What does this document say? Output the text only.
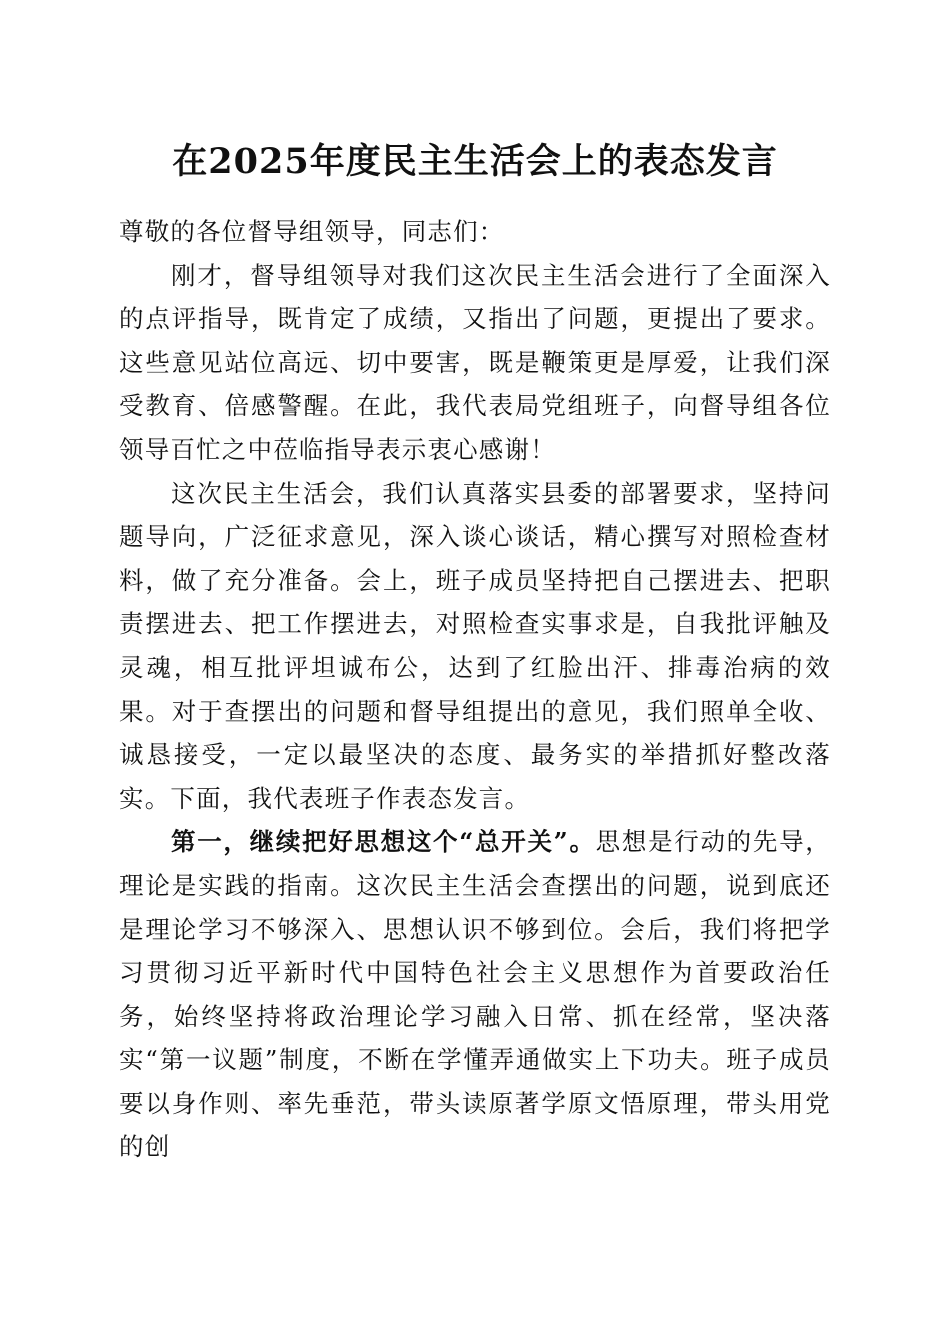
在2025年度民主生活会上的表态发言

尊敬的各位督导组领导，同志们：

刚才，督导组领导对我们这次民主生活会进行了全面深入的点评指导，既肯定了成绩，又指出了问题，更提出了要求。这些意见站位高远、切中要害，既是鞭策更是厚爱，让我们深受教育、倍感警醒。在此，我代表局党组班子，向督导组各位领导百忙之中莅临指导表示衷心感谢！

这次民主生活会，我们认真落实县委的部署要求，坚持问题导向，广泛征求意见，深入谈心谈话，精心撰写对照检查材料，做了充分准备。会上，班子成员坚持把自己摆进去、把职责摆进去、把工作摆进去，对照检查实事求是，自我批评触及灵魂，相互批评坦诚布公，达到了红脸出汗、排毒治病的效果。对于查摆出的问题和督导组提出的意见，我们照单全收、诚恳接受，一定以最坚决的态度、最务实的举措抓好整改落实。下面，我代表班子作表态发言。

第一，继续把好思想这个“总开关”。思想是行动的先导，理论是实践的指南。这次民主生活会查摆出的问题，说到底还是理论学习不够深入、思想认识不够到位。会后，我们将把学习贯彻习近平新时代中国特色社会主义思想作为首要政治任务，始终坚持将政治理论学习融入日常、抓在经常，坚决落实“第一议题”制度，不断在学懂弄通做实上下功夫。班子成员要以身作则、率先垂范，带头读原著学原文悟原理，带头用党的创
